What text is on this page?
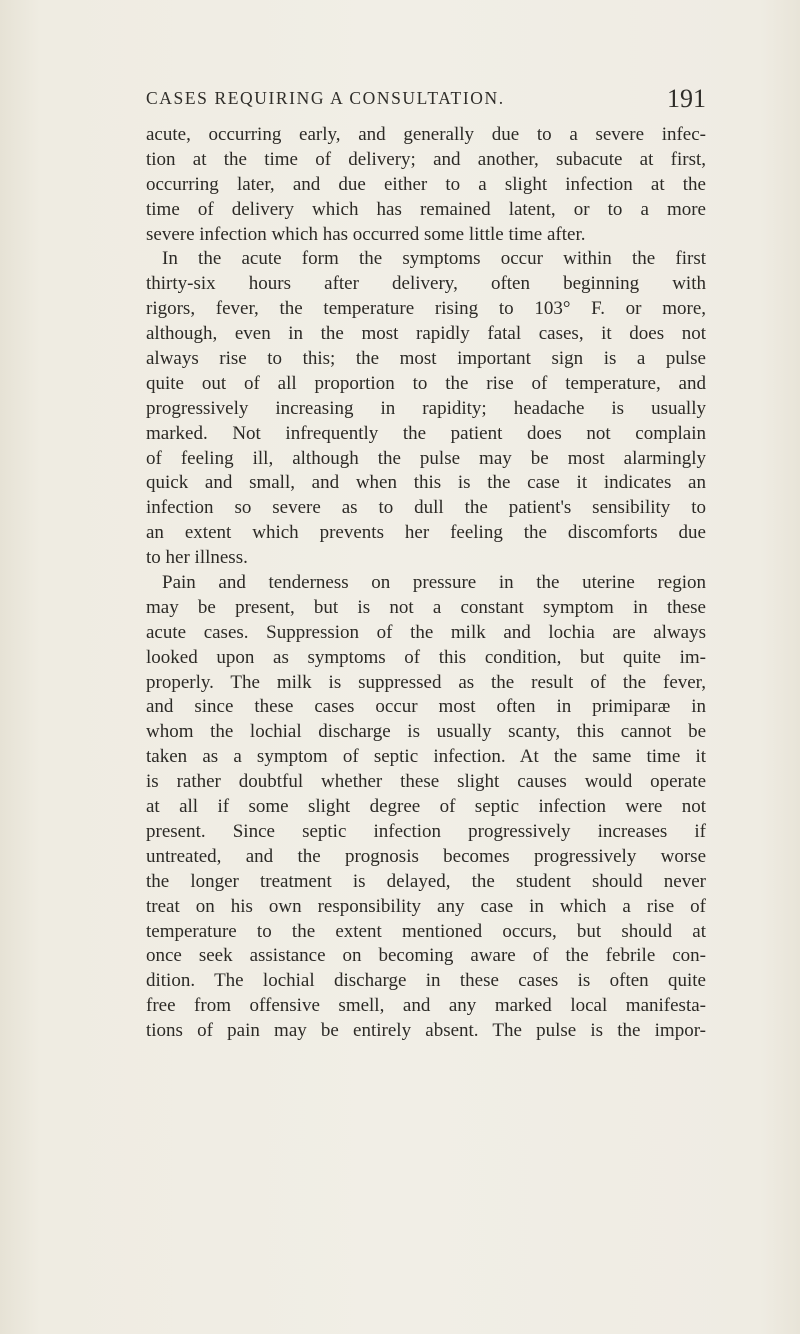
CASES REQUIRING A CONSULTATION.	191
acute, occurring early, and generally due to a severe infec-
tion at the time of delivery; and another, subacute at first,
occurring later, and due either to a slight infection at the
time of delivery which has remained latent, or to a more
severe infection which has occurred some little time after.
In the acute form the symptoms occur within the first
thirty-six hours after delivery, often beginning with
rigors, fever, the temperature rising to 103° F. or more,
although, even in the most rapidly fatal cases, it does not
always rise to this; the most important sign is a pulse
quite out of all proportion to the rise of temperature, and
progressively increasing in rapidity; headache is usually
marked. Not infrequently the patient does not complain
of feeling ill, although the pulse may be most alarmingly
quick and small, and when this is the case it indicates an
infection so severe as to dull the patient's sensibility to
an extent which prevents her feeling the discomforts due
to her illness.
Pain and tenderness on pressure in the uterine region
may be present, but is not a constant symptom in these
acute cases. Suppression of the milk and lochia are always
looked upon as symptoms of this condition, but quite im-
properly. The milk is suppressed as the result of the fever,
and since these cases occur most often in primiparæ in
whom the lochial discharge is usually scanty, this cannot be
taken as a symptom of septic infection. At the same time it
is rather doubtful whether these slight causes would operate
at all if some slight degree of septic infection were not
present. Since septic infection progressively increases if
untreated, and the prognosis becomes progressively worse
the longer treatment is delayed, the student should never
treat on his own responsibility any case in which a rise of
temperature to the extent mentioned occurs, but should at
once seek assistance on becoming aware of the febrile con-
dition. The lochial discharge in these cases is often quite
free from offensive smell, and any marked local manifesta-
tions of pain may be entirely absent. The pulse is the impor-
